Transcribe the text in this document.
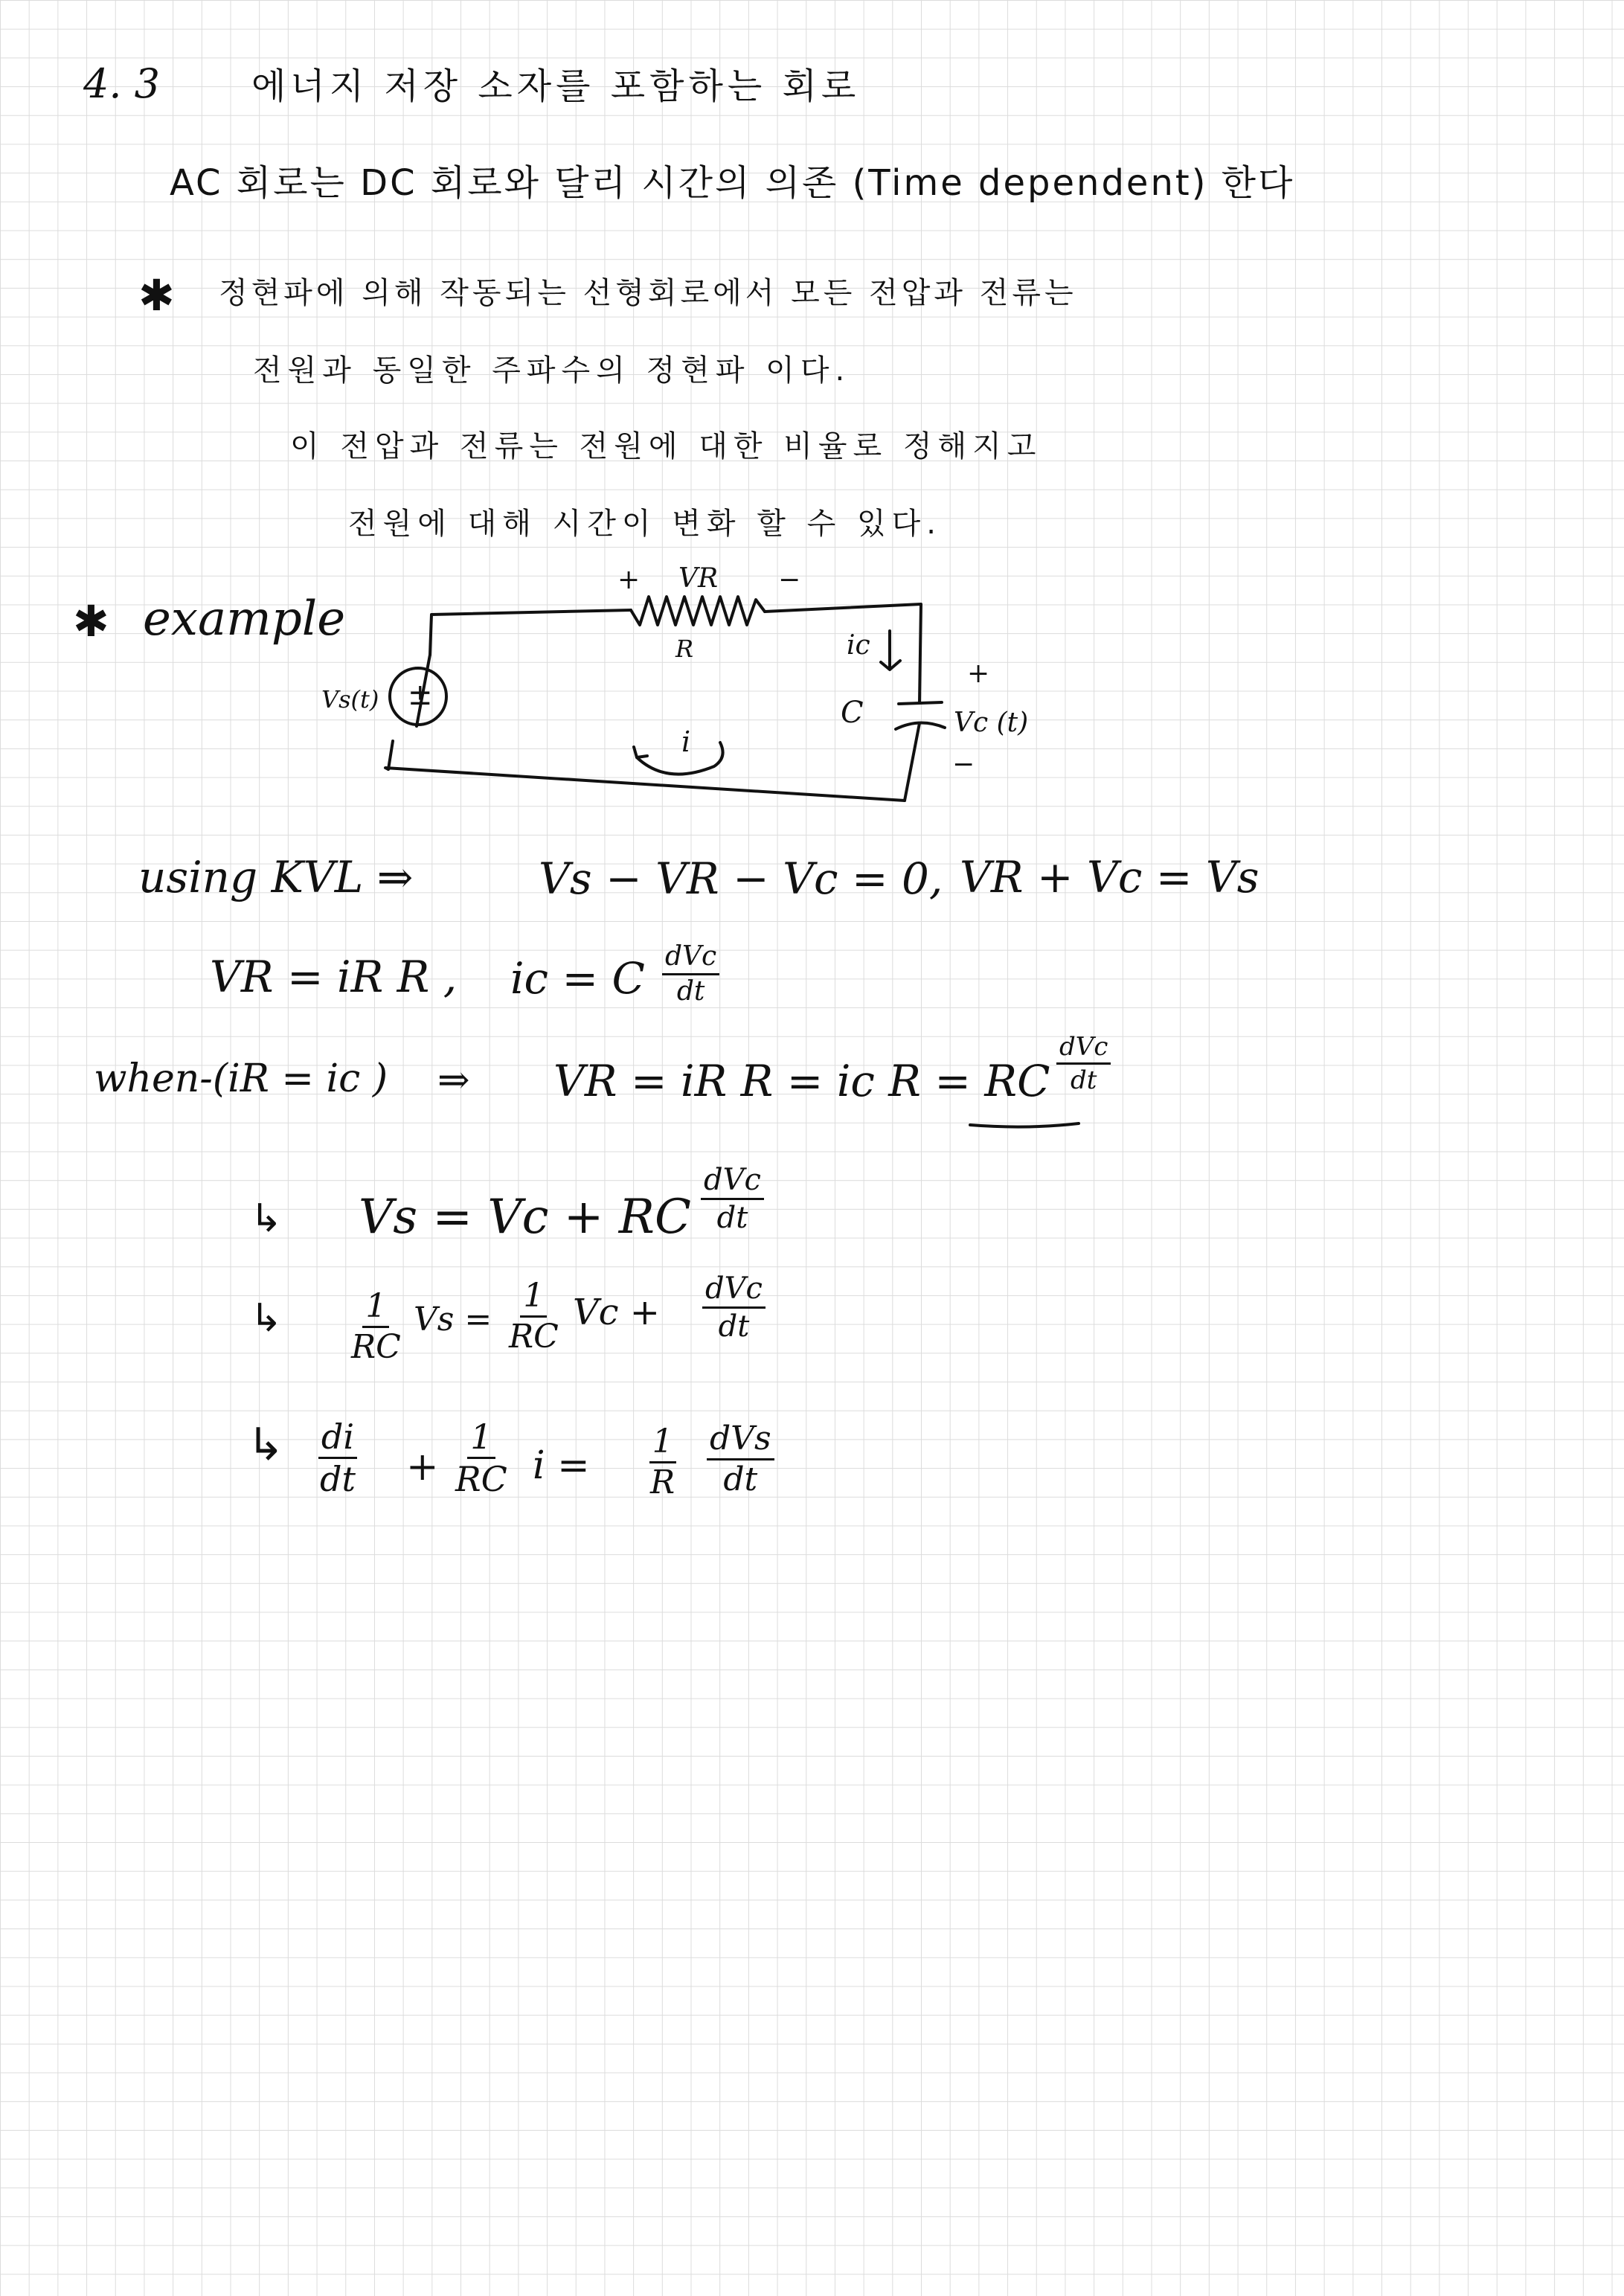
4. 3	에너지 저장 소자를 포함하는 회로
AC 회로는 DC 회로와 달리 시간의 의존 (Time dependent) 한다
✱ 정현파에 의해 작동되는 선형회로에서 모든 전압과 전류는
전원과 동일한 주파수의 정현파 이다.
이 전압과 전류는 전원에 대한 비율로 정해지고
전원에 대해 시간이 변화 할 수 있다.
✱ example
+ VR −
R	ic
C
+
Vc (t)
−
Vs(t) ±
i
using KVL ⇒	Vs − VR − Vc = 0, VR + Vc = Vs
VR = iR R , ic = C dVc
dt
when-(iR = ic ) ⇒ VR = iR R = ic R = RC
dVc
dt
↳ Vs = Vc + RC
dVc
dt
↳ $\frac{1}{RC}$ $Vs = \frac{1}{RC}$ Vc +
dVc
dt
↳ $\frac{di}{dt} + \frac{1}{RC}$ $i = \frac{1}{R}$ dVs
dt
